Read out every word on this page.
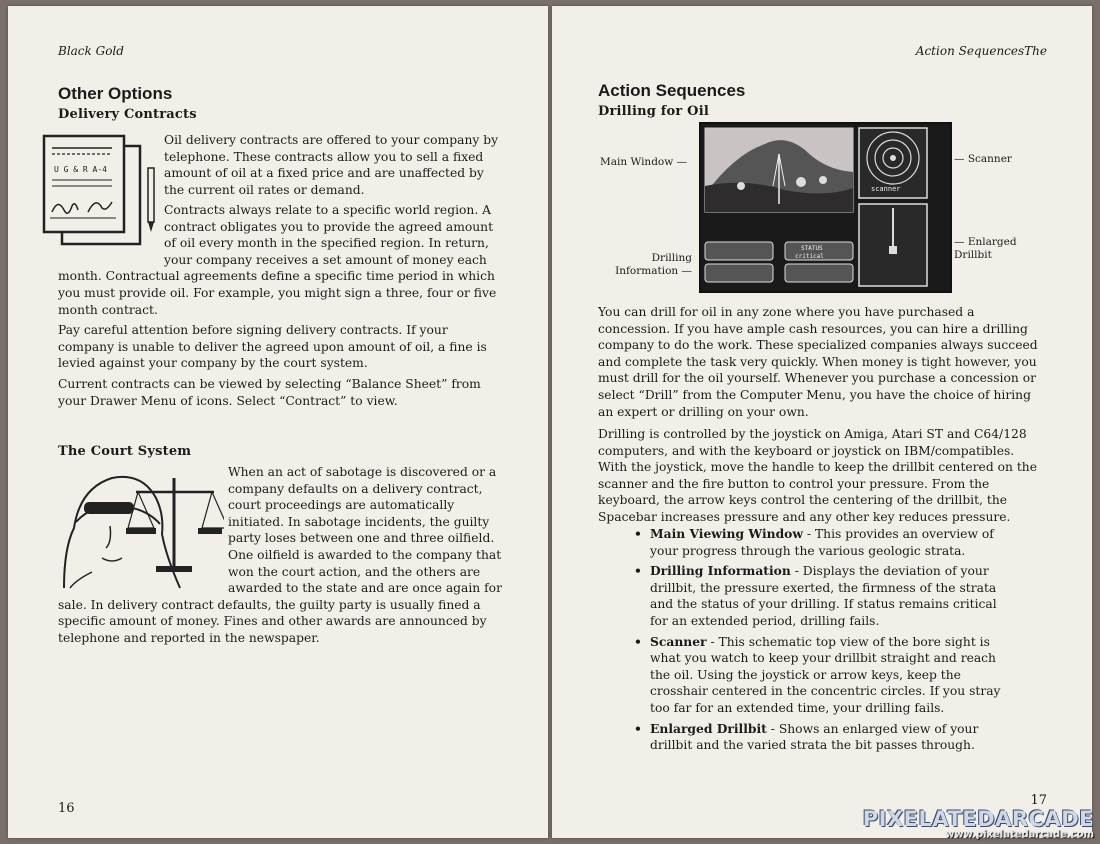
Black Gold
Other Options
Delivery Contracts
U G & R A-4

Oil delivery contracts are offered to your company by telephone. These contracts allow you to sell a fixed amount of oil at a fixed price and are unaffected by the current oil rates or demand.

Contracts always relate to a specific world region. A contract obligates you to provide the agreed amount of oil every month in the specified region. In return, your company receives a set amount of money each month. Contractual agreements define a specific time period in which you must provide oil. For example, you might sign a three, four or five month contract.

Pay careful attention before signing delivery contracts. If your company is unable to deliver the agreed upon amount of oil, a fine is levied against your company by the court system.

Current contracts can be viewed by selecting “Balance Sheet” from your Drawer Menu of icons. Select “Contract” to view.

The Court System
When an act of sabotage is discovered or a company defaults on a delivery contract, court proceedings are automatically initiated. In sabotage incidents, the guilty party loses between one and three oilfield. One oilfield is awarded to the company that won the court action, and the others are awarded to the state and are once again for sale. In delivery contract defaults, the guilty party is usually fined a specific amount of money. Fines and other awards are announced by telephone and reported in the newspaper.
16
Action SequencesThe
Action Sequences
Drilling for Oil
scanner
STATUS
critical
Main Window —	— Scanner
Drilling
Information —
— Enlarged
Drillbit

You can drill for oil in any zone where you have purchased a concession. If you have ample cash resources, you can hire a drilling company to do the work. These specialized companies always succeed and complete the task very quickly. When money is tight however, you must drill for the oil yourself. Whenever you purchase a concession or select “Drill” from the Computer Menu, you have the choice of hiring an expert or drilling on your own.

Drilling is controlled by the joystick on Amiga, Atari ST and C64/128 computers, and with the keyboard or joystick on IBM/compatibles. With the joystick, move the handle to keep the drillbit centered on the scanner and the fire button to control your pressure. From the keyboard, the arrow keys control the centering of the drillbit, the Spacebar increases pressure and any other key reduces pressure.

• Main Viewing Window - This provides an overview of your progress through the various geologic strata.
• Drilling Information - Displays the deviation of your drillbit, the pressure exerted, the firmness of the strata and the status of your drilling. If status remains critical for an extended period, drilling fails.
• Scanner - This schematic top view of the bore sight is what you watch to keep your drillbit straight and reach the oil. Using the joystick or arrow keys, keep the crosshair centered in the concentric circles. If you stray too far for an extended time, your drilling fails.
• Enlarged Drillbit - Shows an enlarged view of your drillbit and the varied strata the bit passes through.
17
PIXELATEDARCADE
www.pixelatedarcade.com
